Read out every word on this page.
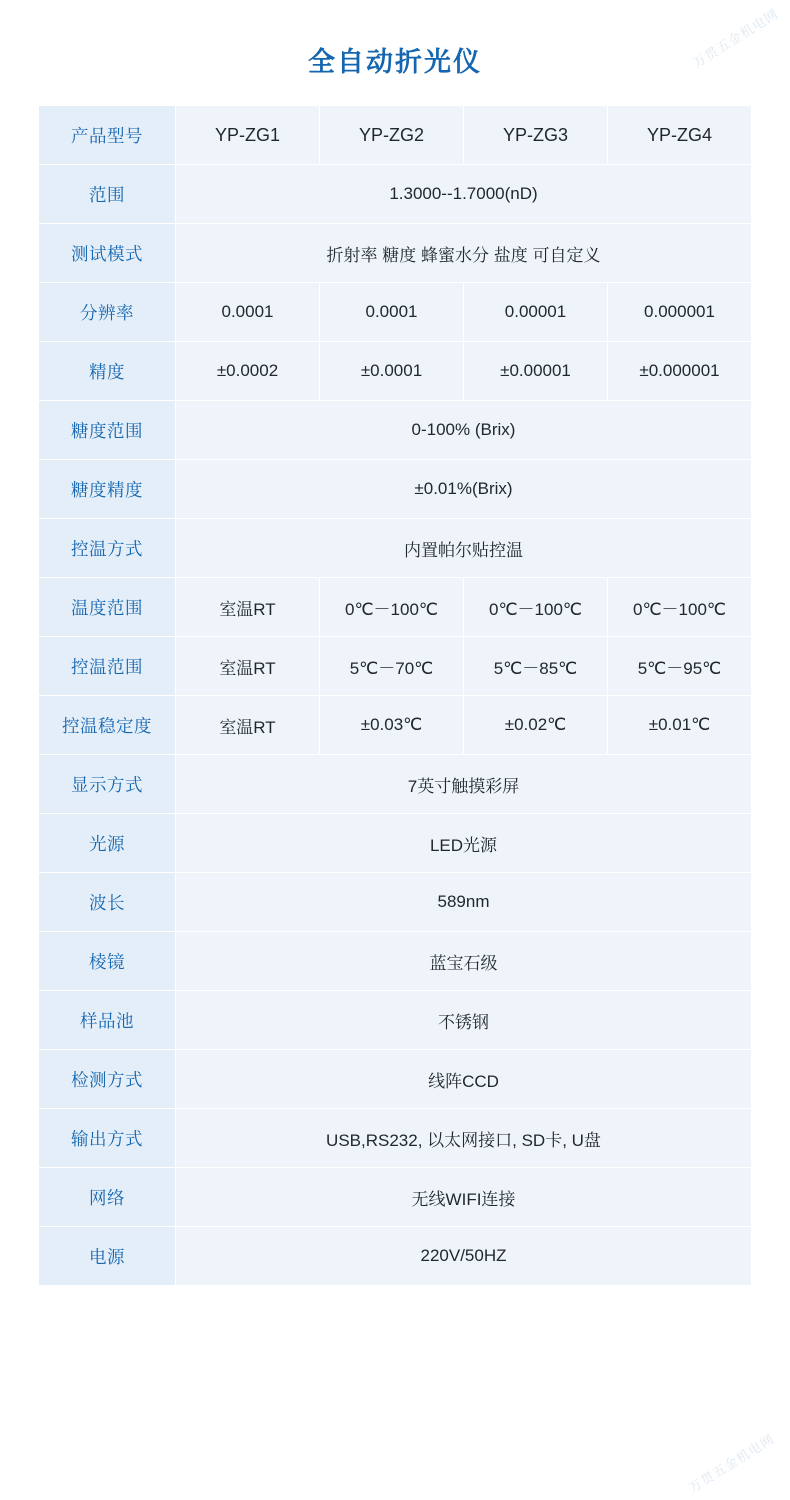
万贯五金机电网
万贯五金机电网
全自动折光仪
产品型号	YP-ZG1	YP-ZG2	YP-ZG3	YP-ZG4
范围	1.3000--1.7000(nD)			
测试模式	折射率 糖度 蜂蜜水分 盐度 可自定义			
分辨率	0.0001	0.0001	0.00001	0.000001
精度	±0.0002	±0.0001	±0.00001	±0.000001
糖度范围	0-100% (Brix)			
糖度精度	±0.01%(Brix)			
控温方式	内置帕尔贴控温			
温度范围	室温RT	0℃－100℃	0℃－100℃	0℃－100℃
控温范围	室温RT	5℃－70℃	5℃－85℃	5℃－95℃
控温稳定度	室温RT	±0.03℃	±0.02℃	±0.01℃
显示方式	7英寸触摸彩屏			
光源	LED光源			
波长	589nm			
棱镜	蓝宝石级			
样品池	不锈钢			
检测方式	线阵CCD			
输出方式	USB,RS232, 以太网接口, SD卡, U盘			
网络	无线WIFI连接			
电源	220V/50HZ			
